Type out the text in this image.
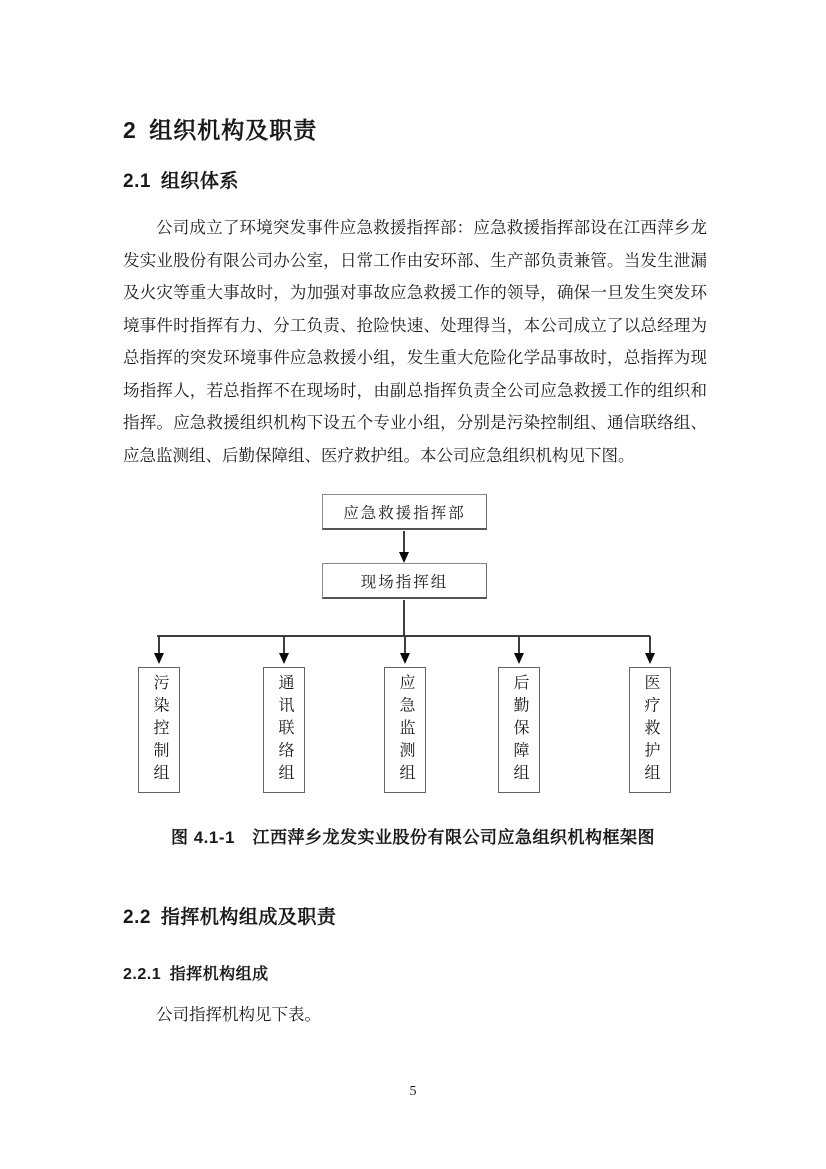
2 组织机构及职责
2.1 组织体系
公司成立了环境突发事件应急救援指挥部：应急救援指挥部设在江西萍乡龙
发实业股份有限公司办公室，日常工作由安环部、生产部负责兼管。当发生泄漏
及火灾等重大事故时，为加强对事故应急救援工作的领导，确保一旦发生突发环
境事件时指挥有力、分工负责、抢险快速、处理得当，本公司成立了以总经理为
总指挥的突发环境事件应急救援小组，发生重大危险化学品事故时，总指挥为现
场指挥人，若总指挥不在现场时，由副总指挥负责全公司应急救援工作的组织和
指挥。应急救援组织机构下设五个专业小组，分别是污染控制组、通信联络组、
应急监测组、后勤保障组、医疗救护组。本公司应急组织机构见下图。
应急救援指挥部
现场指挥组
污染控制组	通讯联络组	应急监测组	后勤保障组	医疗救护组
图 4.1-1 江西萍乡龙发实业股份有限公司应急组织机构框架图
2.2 指挥机构组成及职责
2.2.1 指挥机构组成
公司指挥机构见下表。
5
